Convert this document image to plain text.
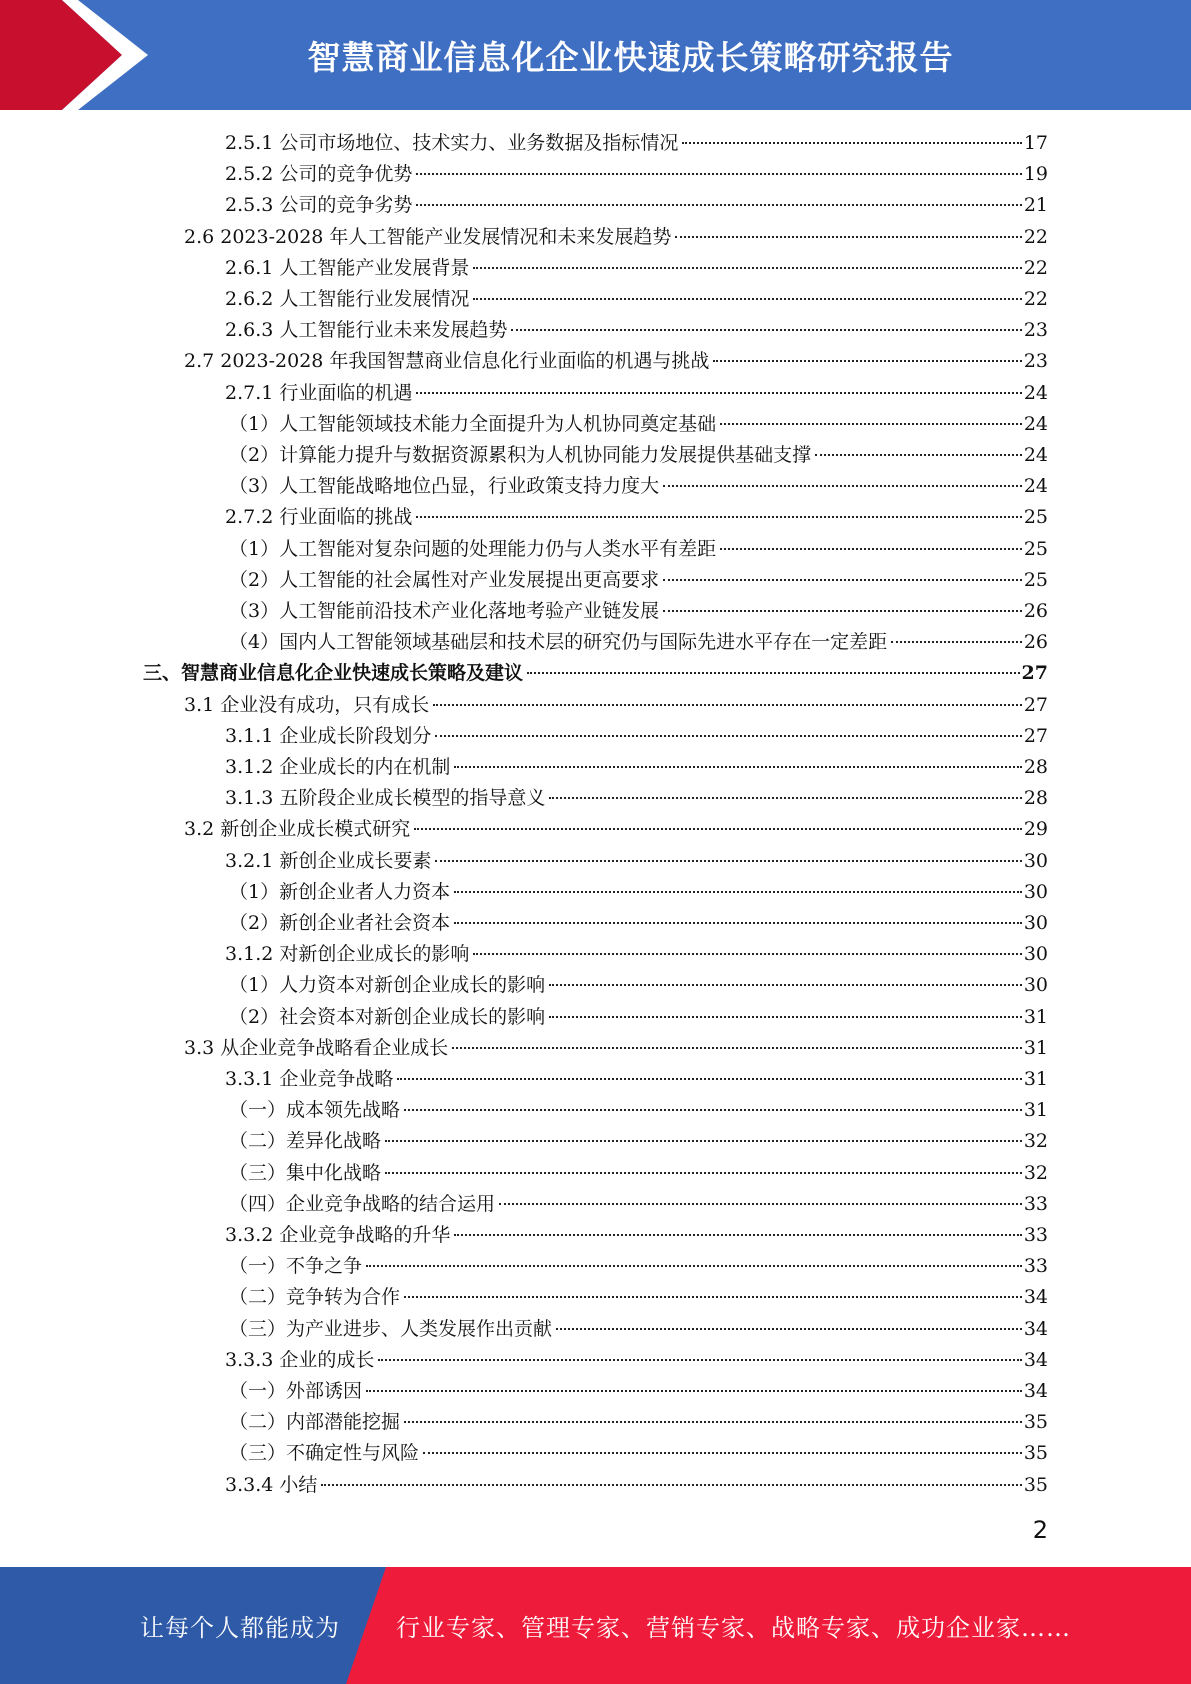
智慧商业信息化企业快速成长策略研究报告
2.5.1 公司市场地位、技术实力、业务数据及指标情况	17
2.5.2 公司的竞争优势	19
2.5.3 公司的竞争劣势	21
2.6 2023-2028 年人工智能产业发展情况和未来发展趋势	22
2.6.1 人工智能产业发展背景	22
2.6.2 人工智能行业发展情况	22
2.6.3 人工智能行业未来发展趋势	23
2.7 2023-2028 年我国智慧商业信息化行业面临的机遇与挑战	23
2.7.1 行业面临的机遇	24
（1）人工智能领域技术能力全面提升为人机协同奠定基础	24
（2）计算能力提升与数据资源累积为人机协同能力发展提供基础支撑	24
（3）人工智能战略地位凸显，行业政策支持力度大	24
2.7.2 行业面临的挑战	25
（1）人工智能对复杂问题的处理能力仍与人类水平有差距	25
（2）人工智能的社会属性对产业发展提出更高要求	25
（3）人工智能前沿技术产业化落地考验产业链发展	26
（4）国内人工智能领域基础层和技术层的研究仍与国际先进水平存在一定差距	26
三、智慧商业信息化企业快速成长策略及建议	27
3.1 企业没有成功，只有成长	27
3.1.1 企业成长阶段划分	27
3.1.2 企业成长的内在机制	28
3.1.3 五阶段企业成长模型的指导意义	28
3.2 新创企业成长模式研究	29
3.2.1 新创企业成长要素	30
（1）新创企业者人力资本	30
（2）新创企业者社会资本	30
3.1.2 对新创企业成长的影响	30
（1）人力资本对新创企业成长的影响	30
（2）社会资本对新创企业成长的影响	31
3.3 从企业竞争战略看企业成长	31
3.3.1 企业竞争战略	31
（一）成本领先战略	31
（二）差异化战略	32
（三）集中化战略	32
（四）企业竞争战略的结合运用	33
3.3.2 企业竞争战略的升华	33
（一）不争之争	33
（二）竞争转为合作	34
（三）为产业进步、人类发展作出贡献	34
3.3.3 企业的成长	34
（一）外部诱因	34
（二）内部潜能挖掘	35
（三）不确定性与风险	35
3.3.4 小结	35
2
让每个人都能成为 行业专家、管理专家、营销专家、战略专家、成功企业家……
